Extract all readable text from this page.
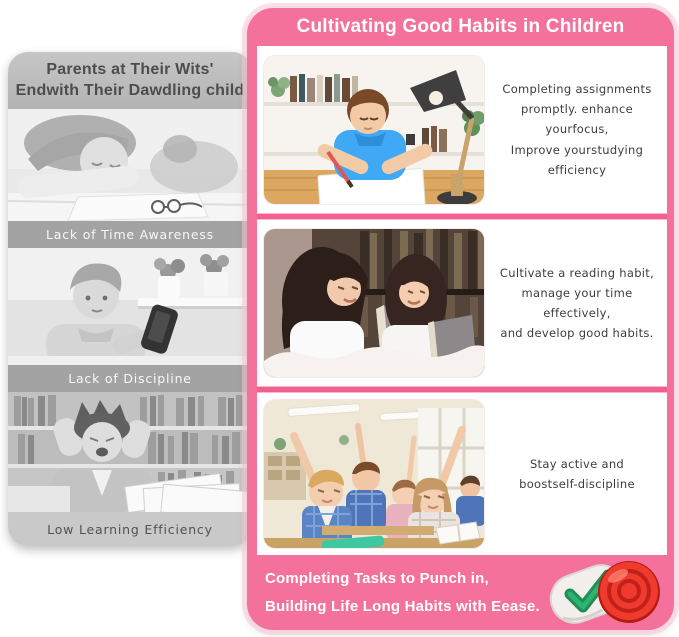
Parents at Their Wits'
Endwith Their Dawdling child
Lack of Time Awareness
Lack of Discipline
Low Learning Efficiency
Cultivating Good Habits in Children
Completing assignments
promptly. enhance yourfocus,
Improve yourstudying efficiency
Cultivate a reading habit,
manage your time effectively,
and develop good habits.
Stay active and
boostself-discipline
Completing Tasks to Punch in,
Building Life Long Habits with Eease.
